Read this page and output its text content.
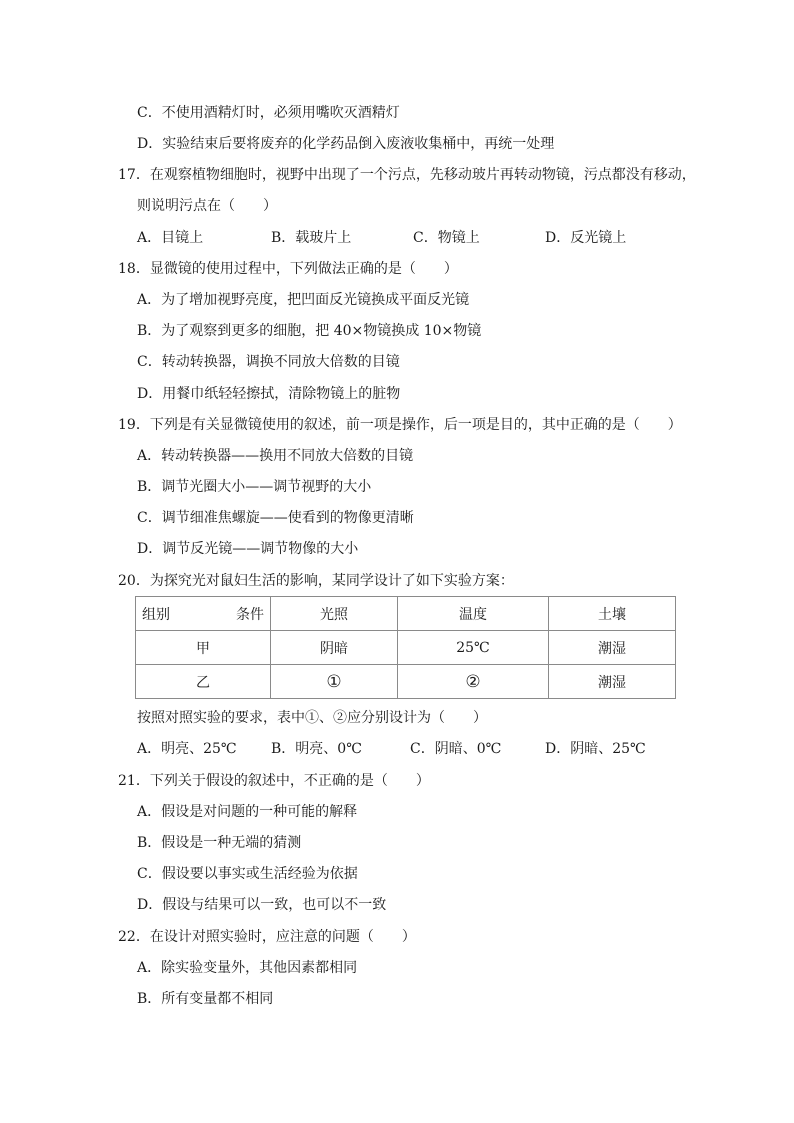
C．不使用酒精灯时，必须用嘴吹灭酒精灯
D．实验结束后要将废弃的化学药品倒入废液收集桶中，再统一处理
17．在观察植物细胞时，视野中出现了一个污点，先移动玻片再转动物镜，污点都没有移动，
则说明污点在（　　）
A．目镜上	B．载玻片上	C．物镜上	D．反光镜上
18．显微镜的使用过程中，下列做法正确的是（　　）
A．为了增加视野亮度，把凹面反光镜换成平面反光镜
B．为了观察到更多的细胞，把 40×物镜换成 10×物镜
C．转动转换器，调换不同放大倍数的目镜
D．用餐巾纸轻轻擦拭，清除物镜上的脏物
19．下列是有关显微镜使用的叙述，前一项是操作，后一项是目的，其中正确的是（　　）
A．转动转换器——换用不同放大倍数的目镜
B．调节光圈大小——调节视野的大小
C．调节细准焦螺旋——使看到的物像更清晰
D．调节反光镜——调节物像的大小
20．为探究光对鼠妇生活的影响，某同学设计了如下实验方案：
组别 条件	光照	温度	土壤
甲	阴暗	25℃	潮湿
乙	①	②	潮湿
按照对照实验的要求，表中①、②应分别设计为（　　）
A．明亮、25℃ B．明亮、0℃	C．阴暗、0℃	D．阴暗、25℃
21．下列关于假设的叙述中，不正确的是（　　）
A．假设是对问题的一种可能的解释
B．假设是一种无端的猜测
C．假设要以事实或生活经验为依据
D．假设与结果可以一致，也可以不一致
22．在设计对照实验时，应注意的问题（　　）
A．除实验变量外，其他因素都相同
B．所有变量都不相同
